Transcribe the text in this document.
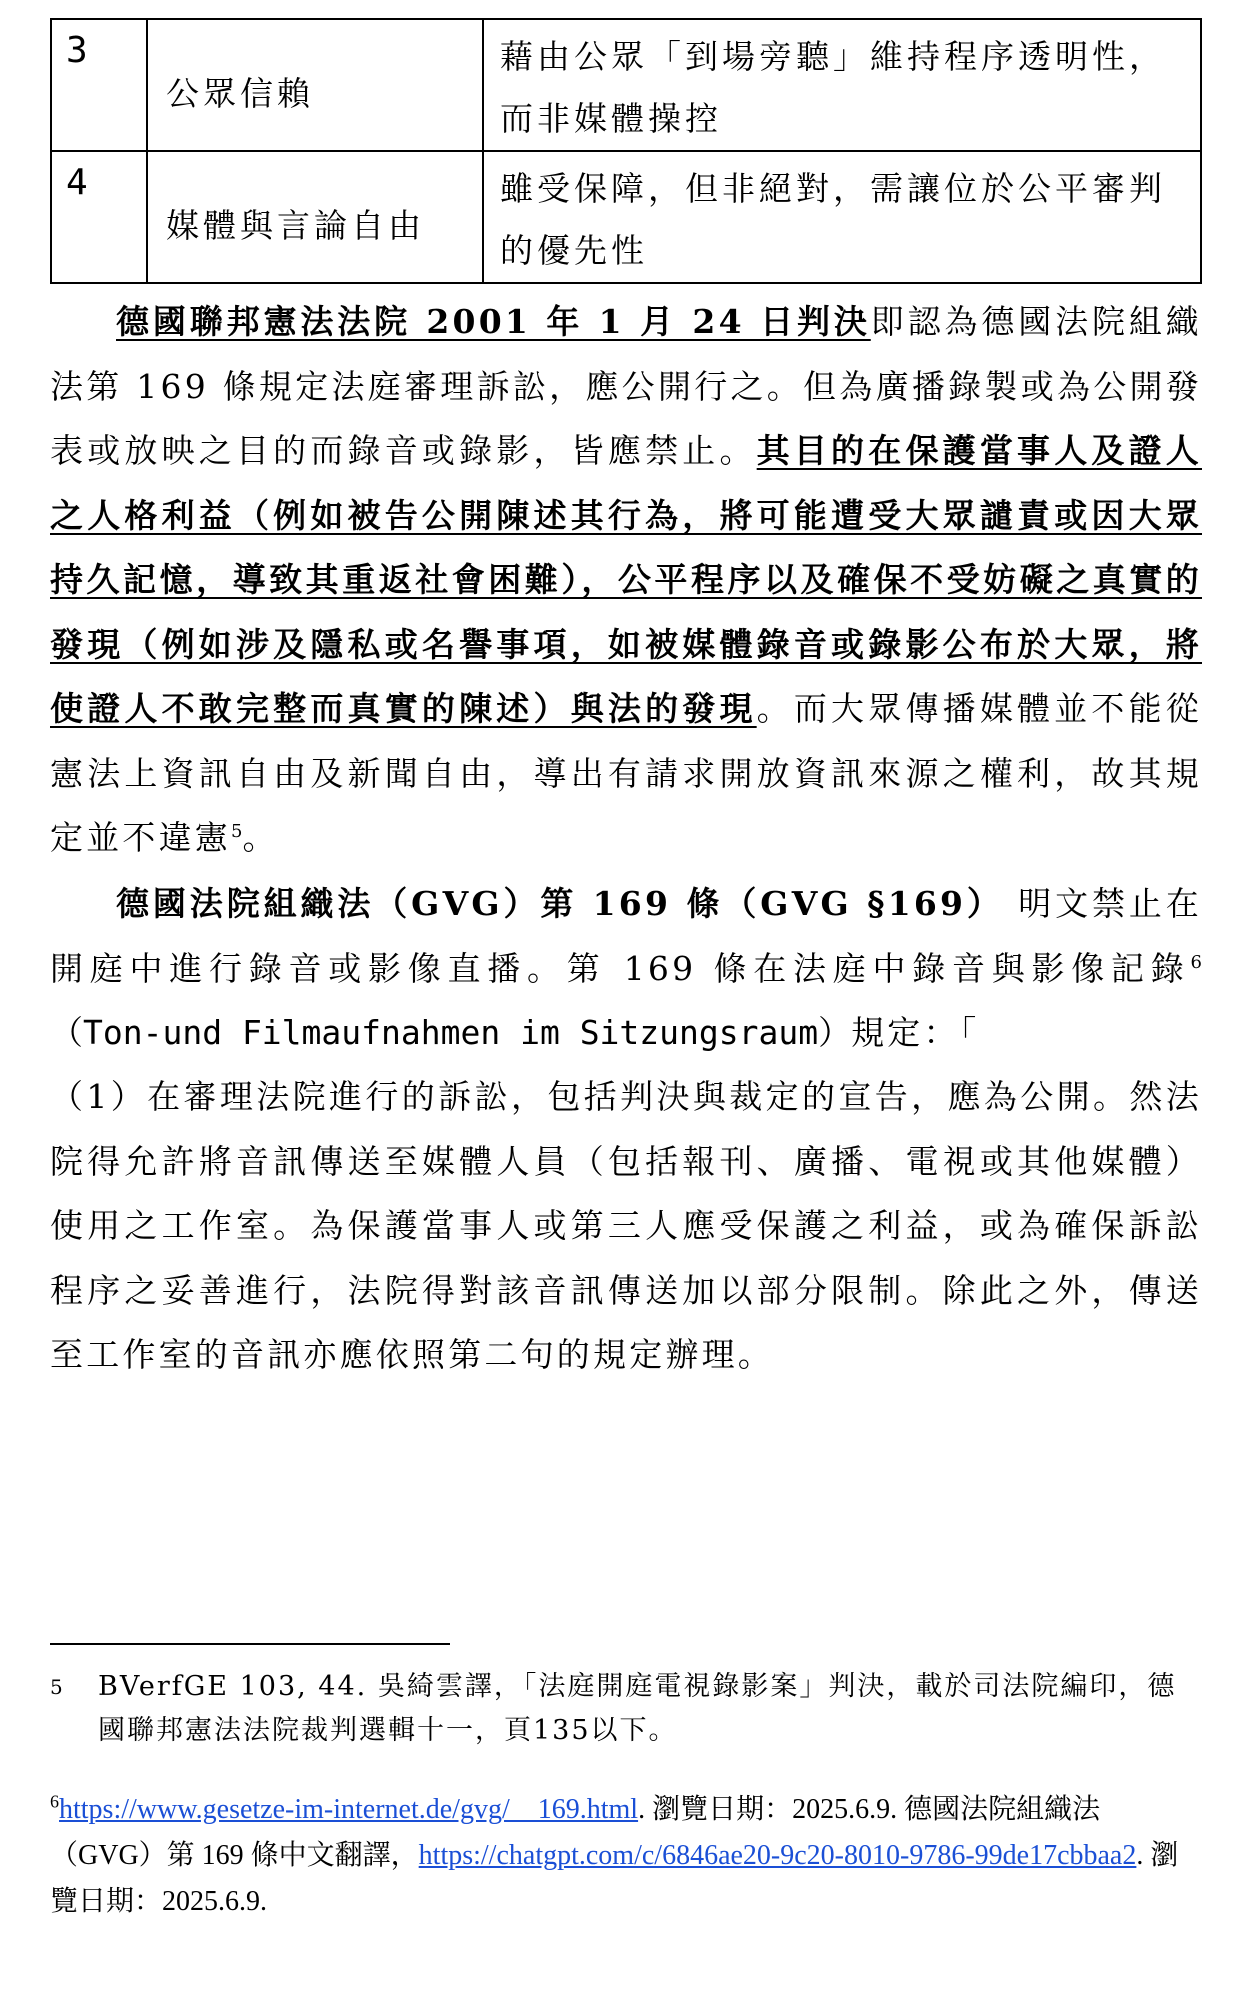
3	公眾信賴	藉由公眾「到場旁聽」維持程序透明性，而非媒體操控
4	媒體與言論自由	雖受保障，但非絕對，需讓位於公平審判的優先性

德國聯邦憲法法院 2001 年 1 月 24 日判決即認為德國法院組織法第 169 條規定法庭審理訴訟，應公開行之。但為廣播錄製或為公開發表或放映之目的而錄音或錄影，皆應禁止。其目的在保護當事人及證人之人格利益（例如被告公開陳述其行為，將可能遭受大眾譴責或因大眾持久記憶，導致其重返社會困難），公平程序以及確保不受妨礙之真實的發現（例如涉及隱私或名譽事項，如被媒體錄音或錄影公布於大眾，將使證人不敢完整而真實的陳述）與法的發現。而大眾傳播媒體並不能從憲法上資訊自由及新聞自由，導出有請求開放資訊來源之權利，故其規定並不違憲$^5$。

德國法院組織法（GVG）第 169 條（GVG §169） 明文禁止在開庭中進行錄音或影像直播。第 169 條在法庭中錄音與影像記錄$^6$（Ton-und Filmaufnahmen im Sitzungsraum）規定：「

（1）在審理法院進行的訴訟，包括判決與裁定的宣告，應為公開。然法院得允許將音訊傳送至媒體人員（包括報刊、廣播、電視或其他媒體）使用之工作室。為保護當事人或第三人應受保護之利益，或為確保訴訟程序之妥善進行，法院得對該音訊傳送加以部分限制。除此之外，傳送至工作室的音訊亦應依照第二句的規定辦理。

5	BVerfGE 103, 44. 吳綺雲譯，「法庭開庭電視錄影案」判決，載於司法院編印，德國聯邦憲法法院裁判選輯十一，頁135以下。
$^6$https://www.gesetze-im-internet.de/gvg/__169.html. 瀏覽日期：2025.6.9. 德國法院組織法（GVG）第 169 條中文翻譯，https://chatgpt.com/c/6846ae20-9c20-8010-9786-99de17cbbaa2. 瀏覽日期：2025.6.9.
